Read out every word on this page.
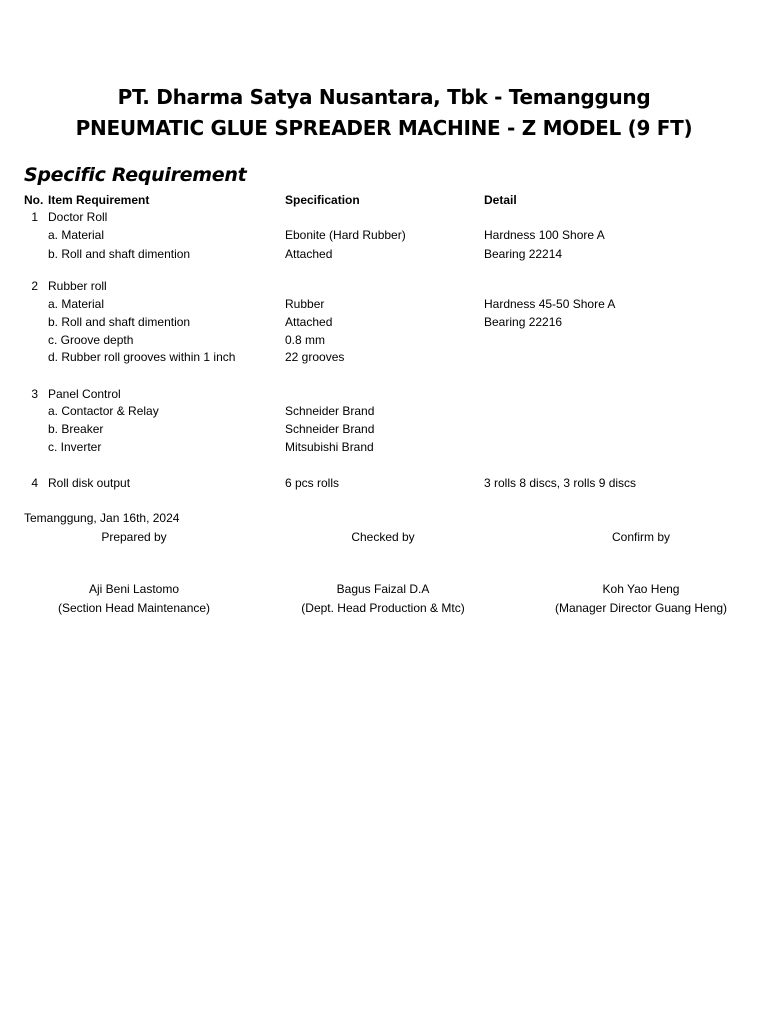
PT. Dharma Satya Nusantara, Tbk - Temanggung
PNEUMATIC GLUE SPREADER MACHINE - Z MODEL (9 FT)
Specific Requirement
No. Item Requirement	Specification	Detail
1 Doctor Roll
a. Material	Ebonite (Hard Rubber)	Hardness 100 Shore A
b. Roll and shaft dimention	Attached	Bearing 22214
2 Rubber roll
a. Material	Rubber	Hardness 45-50 Shore A
b. Roll and shaft dimention	Attached	Bearing 22216
c. Groove depth	0.8 mm
d. Rubber roll grooves within 1 inch	22 grooves
3 Panel Control
a. Contactor & Relay	Schneider Brand
b. Breaker	Schneider Brand
c. Inverter	Mitsubishi Brand
4 Roll disk output	6 pcs rolls	3 rolls 8 discs, 3 rolls 9 discs
Temanggung, Jan 16th, 2024
Prepared by
Aji Beni Lastomo
(Section Head Maintenance)
Checked by
Bagus Faizal D.A
(Dept. Head Production & Mtc)
Confirm by
Koh Yao Heng
(Manager Director Guang Heng)
